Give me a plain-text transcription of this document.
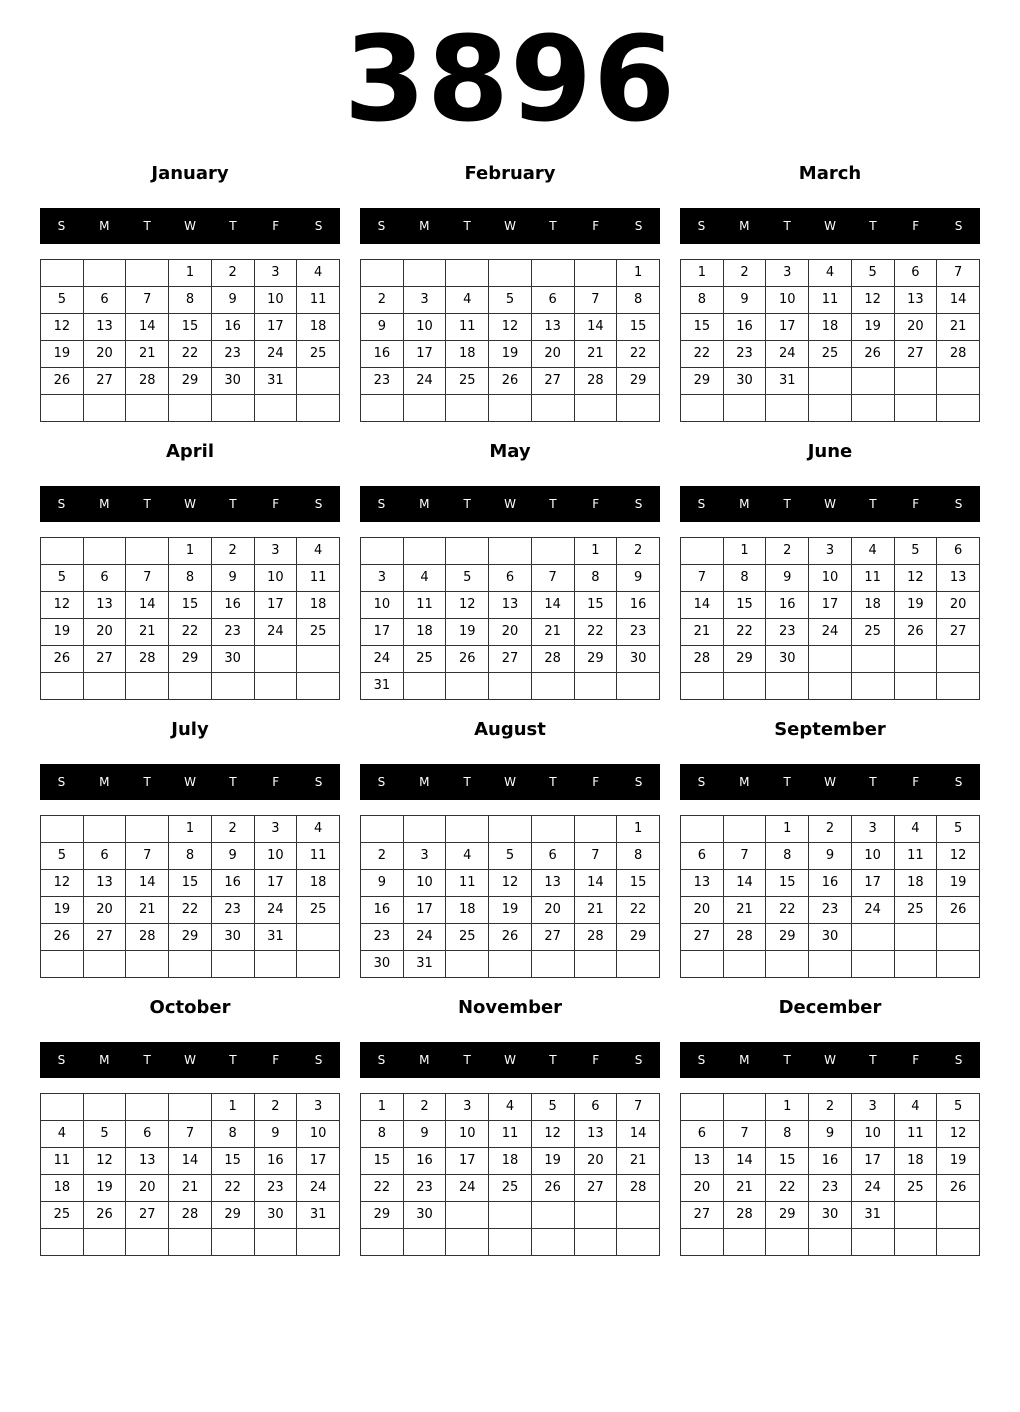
3896
January
S	M	T	W	T	F	S
			1	2	3	4
5	6	7	8	9	10	11
12	13	14	15	16	17	18
19	20	21	22	23	24	25
26	27	28	29	30	31	

February
S	M	T	W	T	F	S
						1
2	3	4	5	6	7	8
9	10	11	12	13	14	15
16	17	18	19	20	21	22
23	24	25	26	27	28	29

March
S	M	T	W	T	F	S
1	2	3	4	5	6	7
8	9	10	11	12	13	14
15	16	17	18	19	20	21
22	23	24	25	26	27	28
29	30	31				

April
S	M	T	W	T	F	S
			1	2	3	4
5	6	7	8	9	10	11
12	13	14	15	16	17	18
19	20	21	22	23	24	25
26	27	28	29	30		

May
S	M	T	W	T	F	S
					1	2
3	4	5	6	7	8	9
10	11	12	13	14	15	16
17	18	19	20	21	22	23
24	25	26	27	28	29	30
31						
June
S	M	T	W	T	F	S
	1	2	3	4	5	6
7	8	9	10	11	12	13
14	15	16	17	18	19	20
21	22	23	24	25	26	27
28	29	30				

July
S	M	T	W	T	F	S
			1	2	3	4
5	6	7	8	9	10	11
12	13	14	15	16	17	18
19	20	21	22	23	24	25
26	27	28	29	30	31	

August
S	M	T	W	T	F	S
						1
2	3	4	5	6	7	8
9	10	11	12	13	14	15
16	17	18	19	20	21	22
23	24	25	26	27	28	29
30	31					
September
S	M	T	W	T	F	S
		1	2	3	4	5
6	7	8	9	10	11	12
13	14	15	16	17	18	19
20	21	22	23	24	25	26
27	28	29	30			

October
S	M	T	W	T	F	S
				1	2	3
4	5	6	7	8	9	10
11	12	13	14	15	16	17
18	19	20	21	22	23	24
25	26	27	28	29	30	31

November
S	M	T	W	T	F	S
1	2	3	4	5	6	7
8	9	10	11	12	13	14
15	16	17	18	19	20	21
22	23	24	25	26	27	28
29	30					

December
S	M	T	W	T	F	S
		1	2	3	4	5
6	7	8	9	10	11	12
13	14	15	16	17	18	19
20	21	22	23	24	25	26
27	28	29	30	31		
